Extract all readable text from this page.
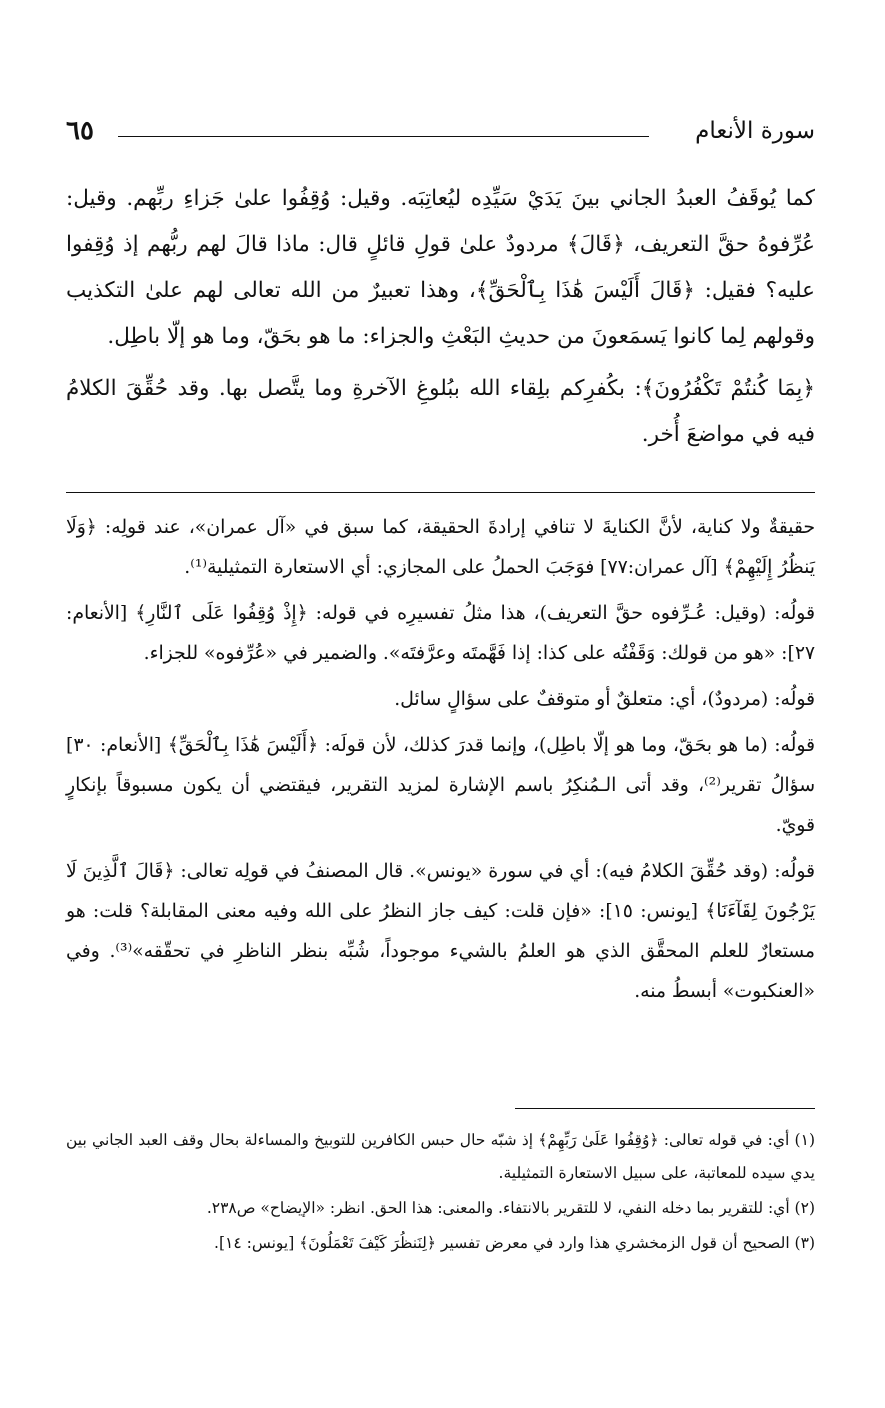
سورة الأنعام
٦٥

كما يُوقَفُ العبدُ الجاني بينَ يَدَيْ سَيِّدِه ليُعاتِبَه. وقيل: وُقِفُوا علىٰ جَزاءِ ربِّهم. وقيل: عُرِّفوهُ حقَّ التعريف، ﴿قَالَ﴾ مردودٌ علىٰ قولِ قائلٍ قال: ماذا قالَ لهم ربُّهم إذ وُقِفوا عليه؟ فقيل: ﴿قَالَ أَلَيْسَ هَٰذَا بِٱلْحَقِّ﴾، وهذا تعبيرٌ من الله تعالى لهم علىٰ التكذيب وقولهم لِما كانوا يَسمَعونَ من حديثِ البَعْثِ والجزاء: ما هو بحَقّ، وما هو إلّا باطِل.

﴿بِمَا كُنتُمْ تَكْفُرُونَ﴾: بكُفرِكم بلِقاء الله ببُلوغِ الآخرةِ وما يتَّصل بها. وقد حُقِّقَ الكلامُ فيه في مواضعَ أُخر.

حقيقةٌ ولا كناية، لأنَّ الكنايةَ لا تنافي إرادةَ الحقيقة، كما سبق في «آل عمران»، عند قولِه: ﴿وَلَا يَنظُرُ إِلَيْهِمْ﴾ [آل عمران:٧٧] فوَجَبَ الحملُ على المجازي: أي الاستعارة التمثيلية⁽¹⁾.

قولُه: (وقيل: عُـرِّفوه حقَّ التعريف)، هذا مثلُ تفسيرِه في قوله: ﴿إِذْ وُقِفُوا عَلَى ٱلنَّارِ﴾ [الأنعام: ٢٧]: «هو من قولك: وَقَفْتُه على كذا: إذا فَهَّمتَه وعرَّفتَه». والضمير في «عُرِّفوه» للجزاء.

قولُه: (مردودٌ)، أي: متعلقٌ أو متوقفٌ على سؤالٍ سائل.

قولُه: (ما هو بحَقّ، وما هو إلّا باطِل)، وإنما قدرَ كذلك، لأن قولَه: ﴿أَلَيْسَ هَٰذَا بِٱلْحَقِّ﴾ [الأنعام: ٣٠] سؤالُ تقرير⁽²⁾، وقد أتى الـمُنكِرُ باسم الإشارة لمزيد التقرير، فيقتضي أن يكون مسبوقاً بإنكارٍ قويّ.

قولُه: (وقد حُقِّقَ الكلامُ فيه): أي في سورة «يونس». قال المصنفُ في قولِه تعالى: ﴿قَالَ ٱلَّذِينَ لَا يَرْجُونَ لِقَآءَنَا﴾ [يونس: ١٥]: «فإن قلت: كيف جاز النظرُ على الله وفيه معنى المقابلة؟ قلت: هو مستعارٌ للعلم المحقَّق الذي هو العلمُ بالشيء موجوداً، شُبِّه بنظر الناظرِ في تحقّقه»⁽³⁾. وفي «العنكبوت» أبسطُ منه.

(١) أي: في قوله تعالى: ﴿وُقِفُوا عَلَىٰ رَبِّهِمْ﴾ إذ شبّه حال حبس الكافرين للتوبيخ والمساءلة بحال وقف العبد الجاني بين يدي سيده للمعاتبة، على سبيل الاستعارة التمثيلية.

(٢) أي: للتقرير بما دخله النفي، لا للتقرير بالانتفاء. والمعنى: هذا الحق. انظر: «الإيضاح» ص٢٣٨.

(٣) الصحيح أن قول الزمخشري هذا وارد في معرض تفسير ﴿لِنَنظُرَ كَيْفَ تَعْمَلُونَ﴾ [يونس: ١٤].
